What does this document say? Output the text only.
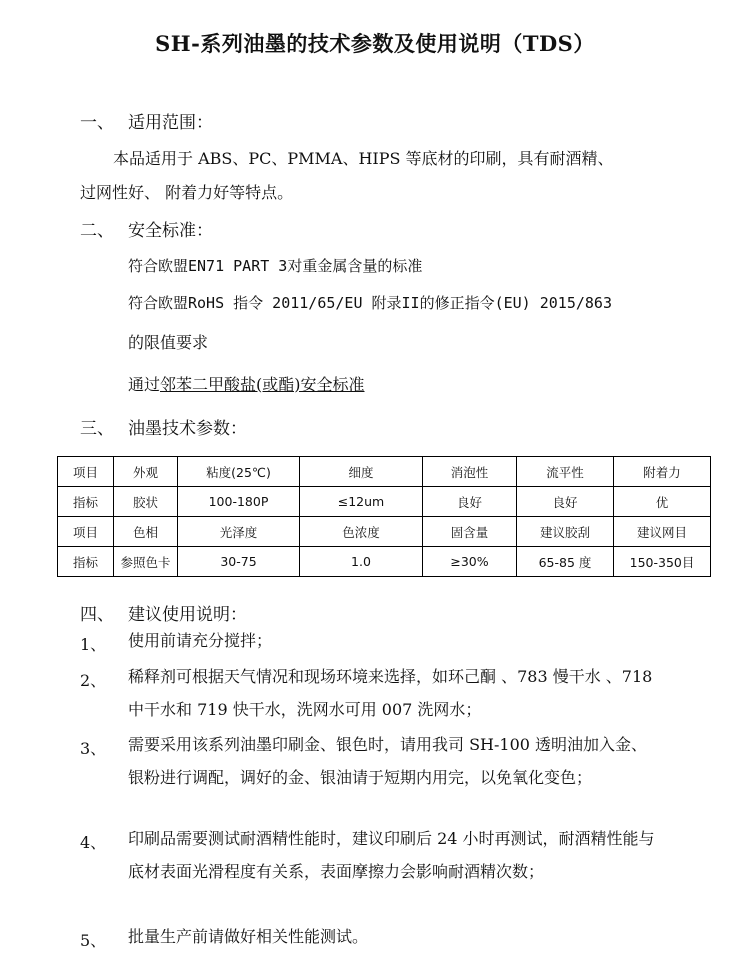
SH-系列油墨的技术参数及使用说明（TDS）
一、 适用范围：
本品适用于 ABS、PC、PMMA、HIPS 等底材的印刷，具有耐酒精、
过网性好、 附着力好等特点。
二、 安全标准：
符合欧盟EN71 PART 3对重金属含量的标准
符合欧盟RoHS 指令 2011/65/EU 附录II的修正指令(EU) 2015/863
的限值要求
通过邻苯二甲酸盐(或酯)安全标准
三、 油墨技术参数：
项目	外观	粘度(25℃)	细度	消泡性	流平性	附着力
指标	胶状	100-180P	≤12um	良好	良好	优
项目	色相	光泽度	色浓度	固含量	建议胶刮	建议网目
指标	参照色卡	30-75	1.0	≥30%	65-85 度	150-350目
四、 建议使用说明：
1、 使用前请充分搅拌；
2、 稀释剂可根据天气情况和现场环境来选择，如环己酮 、783 慢干水 、718 中干水和 719 快干水，洗网水可用 007 洗网水；
3、 需要采用该系列油墨印刷金、银色时，请用我司 SH-100 透明油加入金、银粉进行调配，调好的金、银油请于短期内用完，以免氧化变色；
4、 印刷品需要测试耐酒精性能时，建议印刷后 24 小时再测试，耐酒精性能与底材表面光滑程度有关系，表面摩擦力会影响耐酒精次数；
5、 批量生产前请做好相关性能测试。
